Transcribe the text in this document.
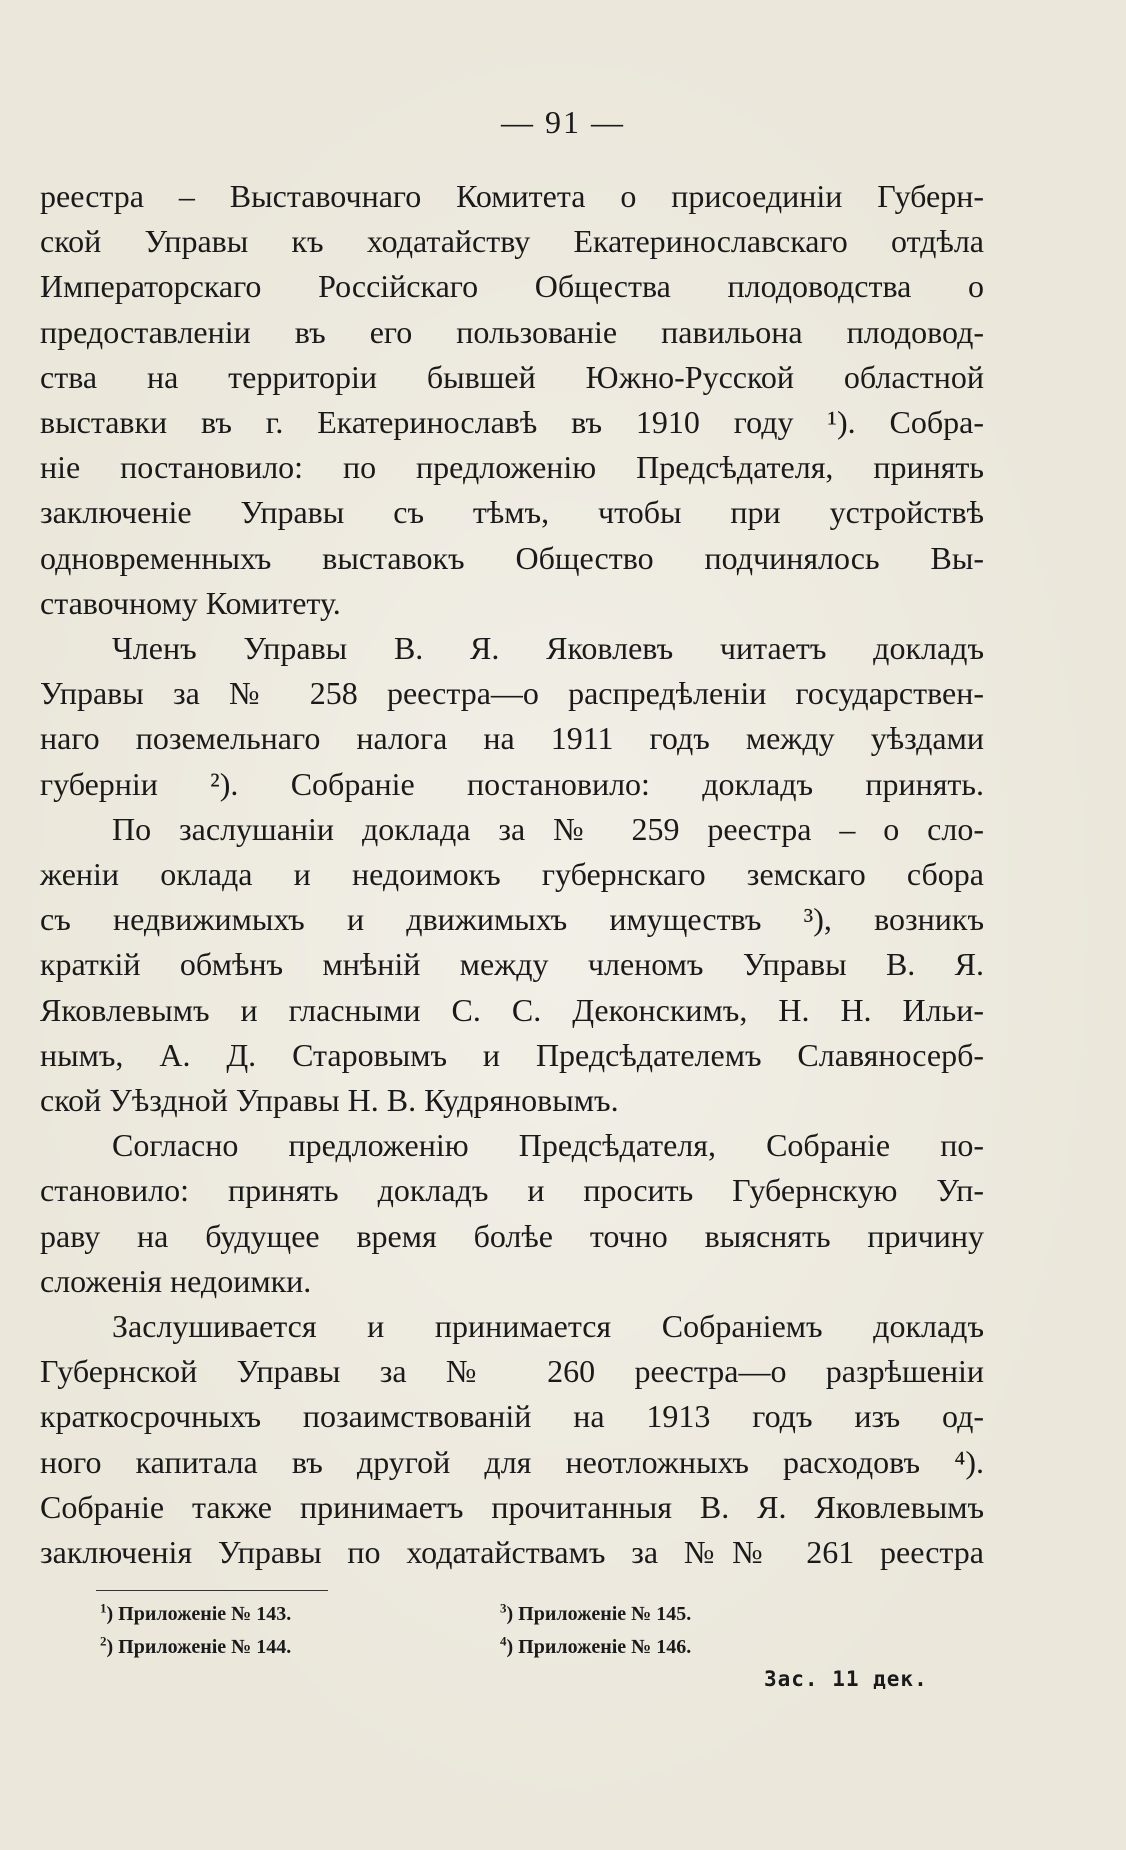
— 91 —
реестра – Выставочнаго Комитета о присоединіи Губерн-
ской Управы къ ходатайству Екатеринославскаго отдѣла
Императорскаго Россійскаго Общества плодоводства о
предоставленіи въ его пользованіе павильона плодовод-
ства на территоріи бывшей Южно-Русской областной
выставки въ г. Екатеринославѣ въ 1910 году ¹). Собра-
ніе постановило: по предложенію Предсѣдателя, принять
заключеніе Управы съ тѣмъ, чтобы при устройствѣ
одновременныхъ выставокъ Общество подчинялось Вы-
ставочному Комитету.
Членъ Управы В. Я. Яковлевъ читаетъ докладъ
Управы за № 258 реестра—о распредѣленіи государствен-
наго поземельнаго налога на 1911 годъ между уѣздами
губерніи ²). Собраніе постановило: докладъ принять.
По заслушаніи доклада за № 259 реестра – о сло-
женіи оклада и недоимокъ губернскаго земскаго сбора
съ недвижимыхъ и движимыхъ имуществъ ³), возникъ
краткій обмѣнъ мнѣній между членомъ Управы В. Я.
Яковлевымъ и гласными С. С. Деконскимъ, Н. Н. Ильи-
нымъ, А. Д. Старовымъ и Предсѣдателемъ Славяносерб-
ской Уѣздной Управы Н. В. Кудряновымъ.
Согласно предложенію Предсѣдателя, Собраніе по-
становило: принять докладъ и просить Губернскую Уп-
раву на будущее время болѣе точно выяснять причину
сложенія недоимки.
Заслушивается и принимается Собраніемъ докладъ
Губернской Управы за № 260 реестра—о разрѣшеніи
краткосрочныхъ позаимствованій на 1913 годъ изъ од-
ного капитала въ другой для неотложныхъ расходовъ ⁴).
Собраніе также принимаетъ прочитанныя В. Я. Яковлевымъ
заключенія Управы по ходатайствамъ за №№ 261 реестра
$^1$) Приложеніе № 143.
$^2$) Приложеніе № 144.
$^3$) Приложеніе № 145.
$^4$) Приложеніе № 146.
Зас. 11 дек.
